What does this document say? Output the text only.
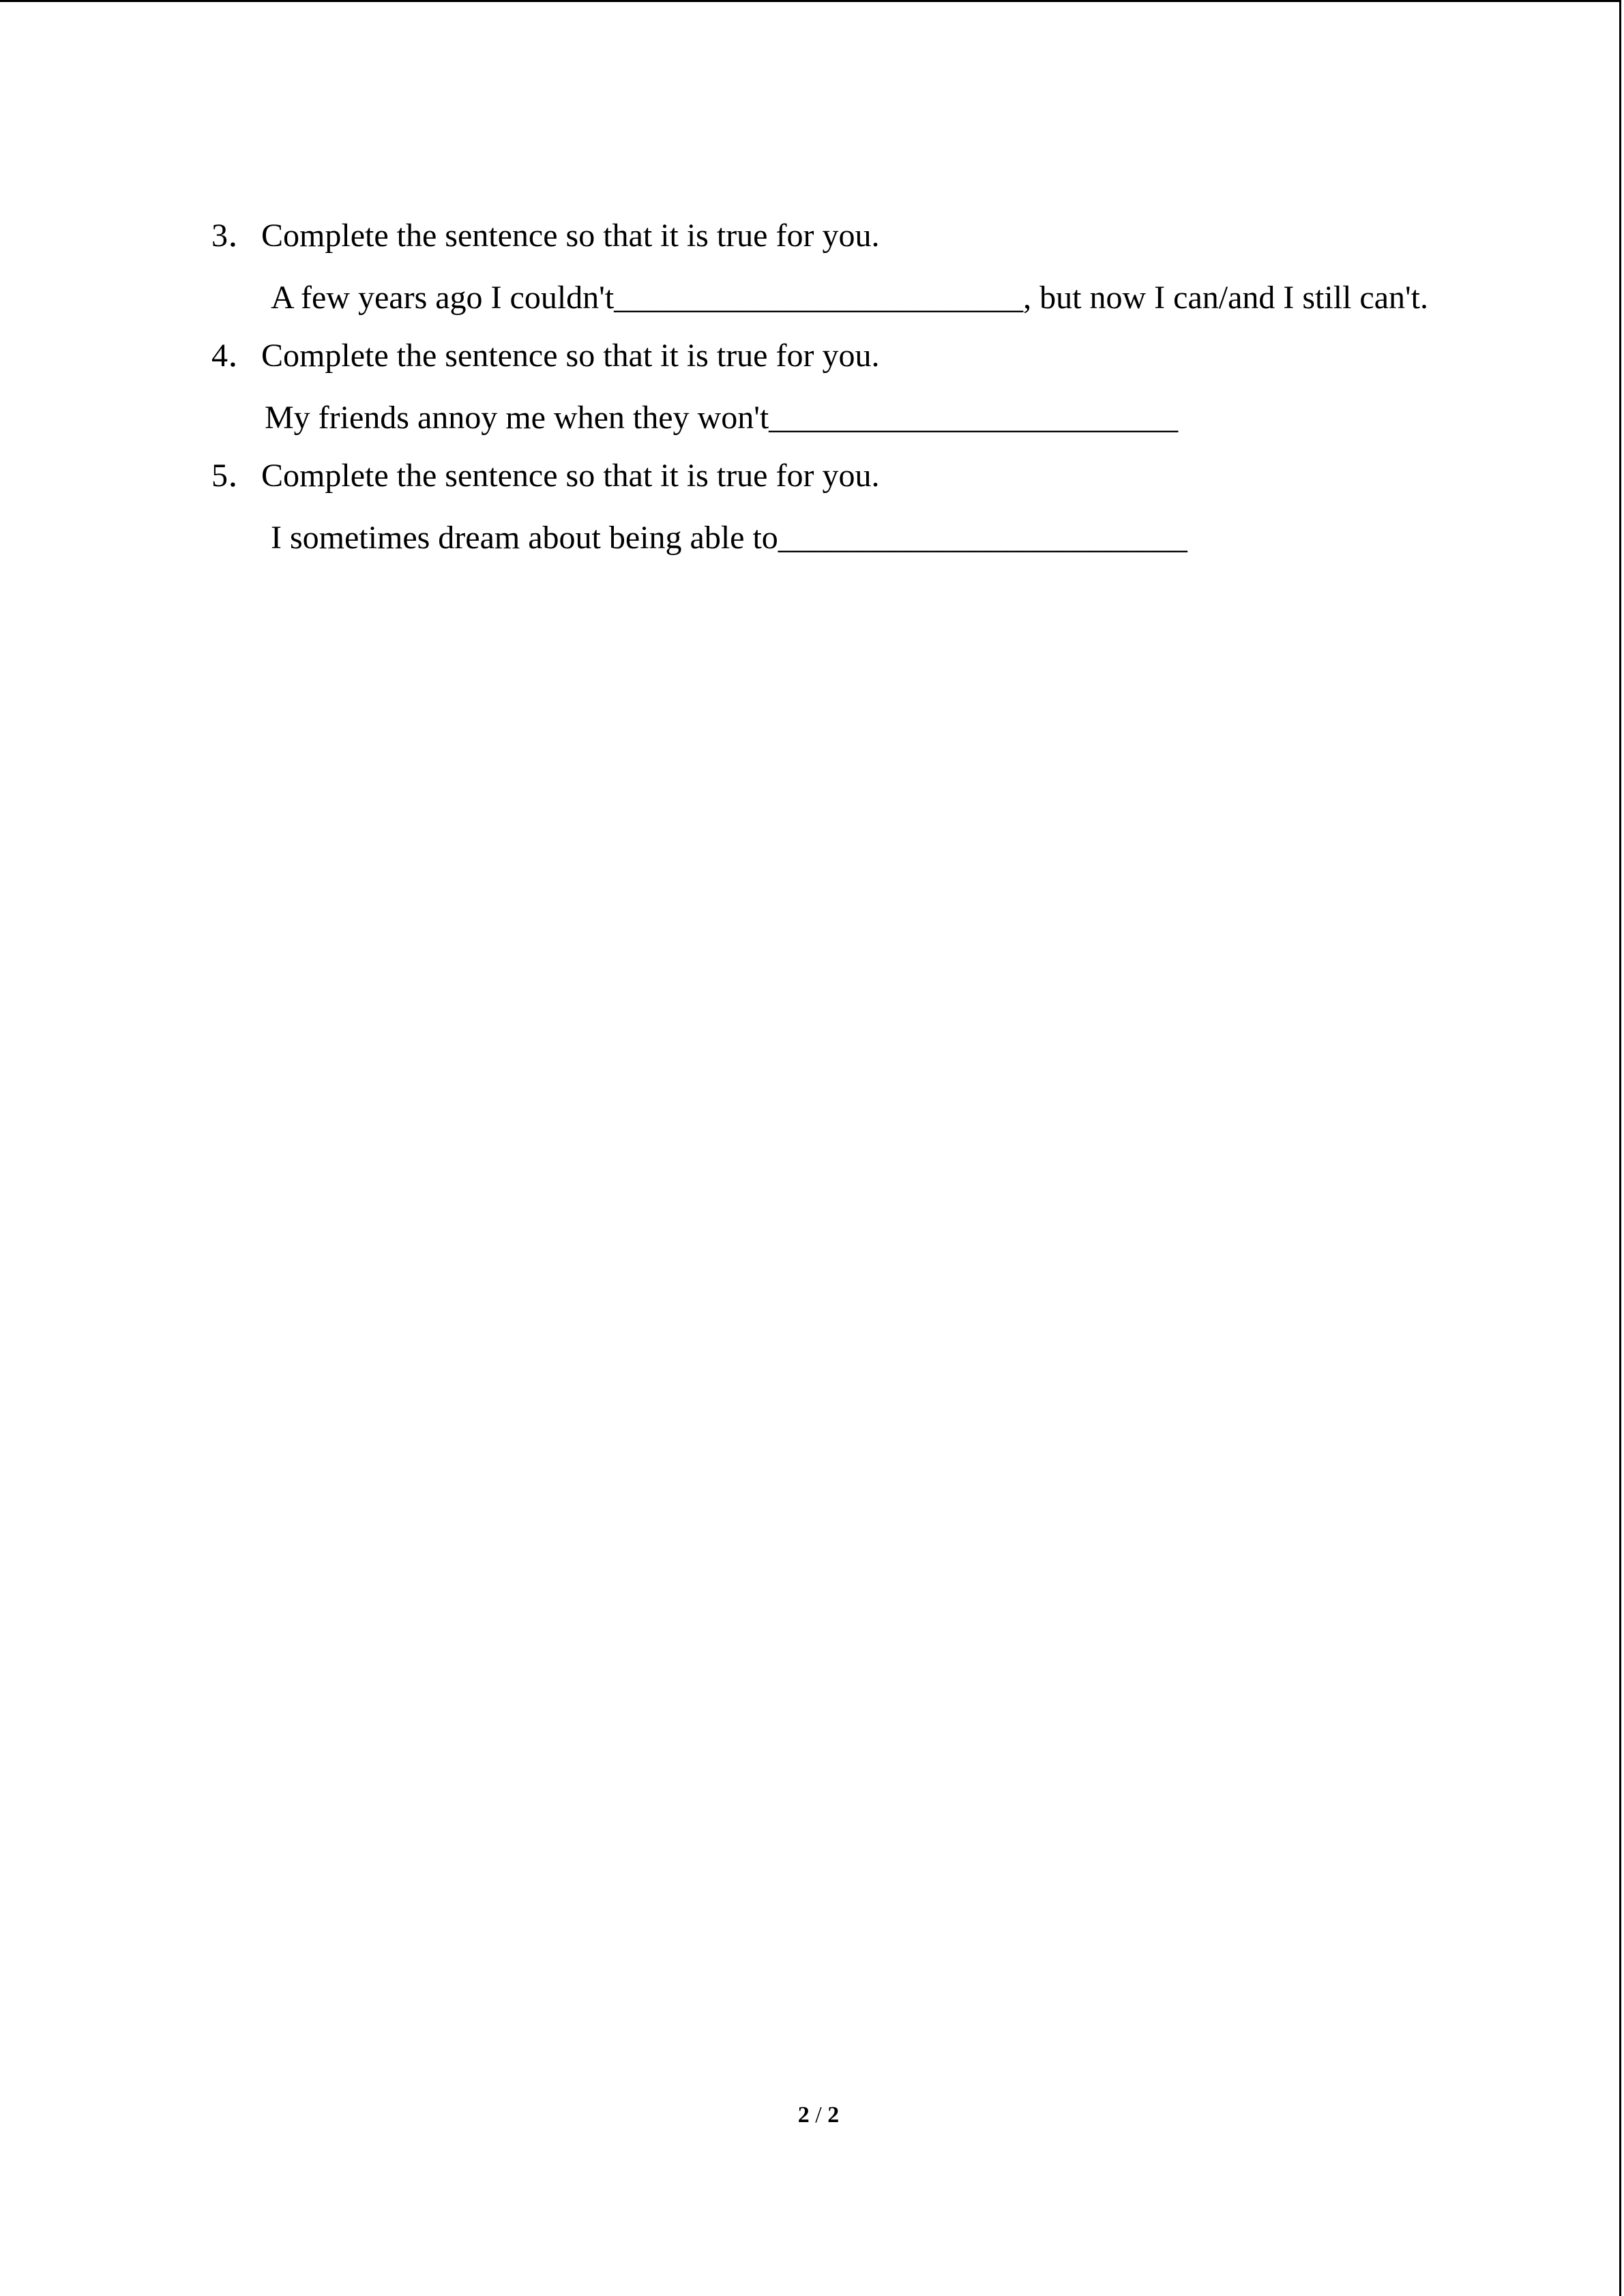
3．Complete the sentence so that it is true for you.
A few years ago I couldn't_________________________, but now I can/and I still can't.
4．Complete the sentence so that it is true for you.
My friends annoy me when they won't_________________________
5．Complete the sentence so that it is true for you.
I sometimes dream about being able to_________________________
2 / 2
